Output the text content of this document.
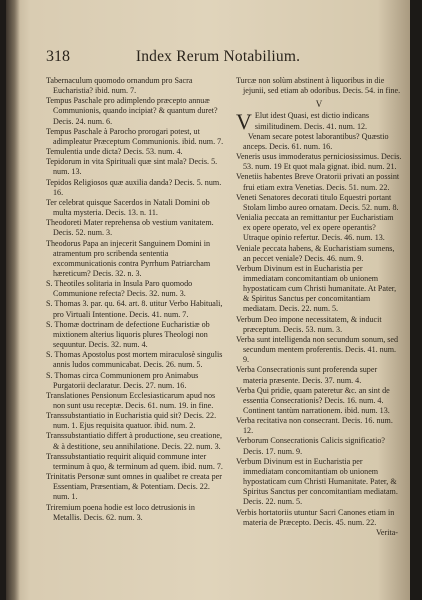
318	Index Rerum Notabilium.

Tabernaculum quomodo ornandum pro Sacra Eucharistia? ibid. num. 7.

Tempus Paschale pro adimplendo præcepto annuæ Communionis, quando incipiat? & quantum duret? Decis. 24. num. 6.

Tempus Paschale à Parocho prorogari potest, ut adimpleatur Præceptum Communionis. ibid. num. 7.

Temulentia unde dicta? Decis. 53. num. 4.

Tepidorum in vita Spirituali quæ sint mala? Decis. 5. num. 13.

Tepidos Religiosos quæ auxilia danda? Decis. 5. num. 16.

Ter celebrat quisque Sacerdos in Natali Domini ob multa mysteria. Decis. 13. n. 11.

Theodoreti Mater reprehensa ob vestium vanitatem. Decis. 52. num. 3.

Theodorus Papa an injecerit Sanguinem Domini in atramentum pro scribenda sententia excommunicationis contra Pyrrhum Patriarcham hæreticum? Decis. 32. n. 3.

S. Theotiles solitaria in Insula Paro quomodo Communione refecta? Decis. 32. num. 3.

S. Thomas 3. par. qu. 64. art. 8. utitur Verbo Habituali, pro Virtuali Intentione. Decis. 41. num. 7.

S. Thomæ doctrinam de defectione Eucharistiæ ob mixtionem alterius liquoris plures Theologi non sequuntur. Decis. 32. num. 4.

S. Thomas Apostolus post mortem miraculosè singulis annis ludos communicabat. Decis. 26. num. 5.

S. Thomas circa Communionem pro Animabus Purgatorii declaratur. Decis. 27. num. 16.

Translationes Pensionum Ecclesiasticarum apud nos non sunt usu receptæ. Decis. 61. num. 19. in fine.

Transsubstantiatio in Eucharistia quid sit? Decis. 22. num. 1. Ejus requisita quatuor. ibid. num. 2.

Transsubstantiatio differt à productione, seu creatione, & à destitione, seu annihilatione. Decis. 22. num. 3.

Transsubstantiatio requirit aliquid commune inter terminum à quo, & terminum ad quem. ibid. num. 7.

Trinitatis Personæ sunt omnes in qualibet re creata per Essentiam, Præsentiam, & Potentiam. Decis. 22. num. 1.

Triremium poena hodie est loco detrusionis in Metallis. Decis. 62. num. 3.

Turcæ non solùm abstinent à liquoribus in die jejunii, sed etiam ab odoribus. Decis. 54. in fine.

V

V Elut idest Quasi, est dictio indicans similitudinem. Decis. 41. num. 12.

Venam secare potest laborantibus? Quæstio anceps. Decis. 61. num. 16.

Veneris usus immoderatus perniciosissimus. Decis. 53. num. 19 Et quot mala gignat. ibid. num. 21.

Venetiis habentes Breve Oratorii privati an possint frui etiam extra Venetias. Decis. 51. num. 22.

Veneti Senatores decorati titulo Equestri portant Stolam limbo aureo ornatam. Decis. 52. num. 8.

Venialia peccata an remittantur per Eucharistiam ex opere operato, vel ex opere operantis? Utraque opinio refertur. Decis. 46. num. 13.

Veniale peccata habens, & Eucharistiam sumens, an peccet veniale? Decis. 46. num. 9.

Verbum Divinum est in Eucharistia per immediatam concomitantiam ob unionem hypostaticam cum Christi humanitate. At Pater, & Spiritus Sanctus per concomitantiam mediatam. Decis. 22. num. 5.

Verbum Deo impone necessitatem, & inducit præceptum. Decis. 53. num. 3.

Verba sunt intelligenda non secundum sonum, sed secundum mentem proferentis. Decis. 41. num. 9.

Verba Consecrationis sunt proferenda super materia præsente. Decis. 37. num. 4.

Verba Qui pridie, quam pateretur &c. an sint de essentia Consecrationis? Decis. 16. num. 4. Continent tantùm narrationem. ibid. num. 13.

Verba recitativa non consecrant. Decis. 16. num. 12.

Verborum Consecrationis Calicis significatio? Decis. 17. num. 9.

Verbum Divinum est in Eucharistia per immediatam concomitantiam ob unionem hypostaticam cum Christi Humanitate. Pater, & Spiritus Sanctus per concomitantiam mediatam. Decis. 22. num. 5.

Verbis hortatoriis utuntur Sacri Canones etiam in materia de Præcepto. Decis. 45. num. 22.

Verita-
